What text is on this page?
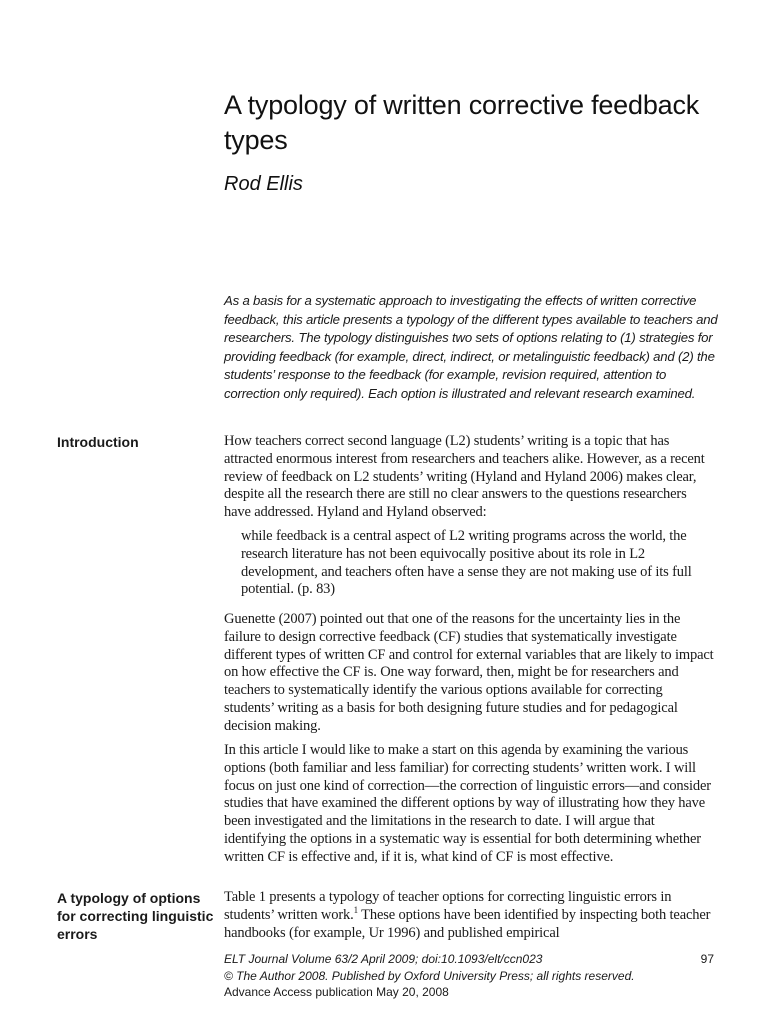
A typology of written corrective feedback types

Rod Ellis

As a basis for a systematic approach to investigating the effects of written corrective feedback, this article presents a typology of the different types available to teachers and researchers. The typology distinguishes two sets of options relating to (1) strategies for providing feedback (for example, direct, indirect, or metalinguistic feedback) and (2) the students’ response to the feedback (for example, revision required, attention to correction only required). Each option is illustrated and relevant research examined.

Introduction	How teachers correct second language (L2) students’ writing is a topic that has attracted enormous interest from researchers and teachers alike. However, as a recent review of feedback on L2 students’ writing (Hyland and Hyland 2006) makes clear, despite all the research there are still no clear answers to the questions researchers have addressed. Hyland and Hyland observed:

while feedback is a central aspect of L2 writing programs across the world, the research literature has not been equivocally positive about its role in L2 development, and teachers often have a sense they are not making use of its full potential. (p. 83)

Guenette (2007) pointed out that one of the reasons for the uncertainty lies in the failure to design corrective feedback (CF) studies that systematically investigate different types of written CF and control for external variables that are likely to impact on how effective the CF is. One way forward, then, might be for researchers and teachers to systematically identify the various options available for correcting students’ writing as a basis for both designing future studies and for pedagogical decision making.

In this article I would like to make a start on this agenda by examining the various options (both familiar and less familiar) for correcting students’ written work. I will focus on just one kind of correction—the correction of linguistic errors—and consider studies that have examined the different options by way of illustrating how they have been investigated and the limitations in the research to date. I will argue that identifying the options in a systematic way is essential for both determining whether written CF is effective and, if it is, what kind of CF is most effective.

A typology of options for correcting linguistic errors

Table 1 presents a typology of teacher options for correcting linguistic errors in students’ written work.$^1$ These options have been identified by inspecting both teacher handbooks (for example, Ur 1996) and published empirical

ELT Journal Volume 63/2 April 2009; doi:10.1093/elt/ccn023
© The Author 2008. Published by Oxford University Press; all rights reserved.
Advance Access publication May 20, 2008
97
